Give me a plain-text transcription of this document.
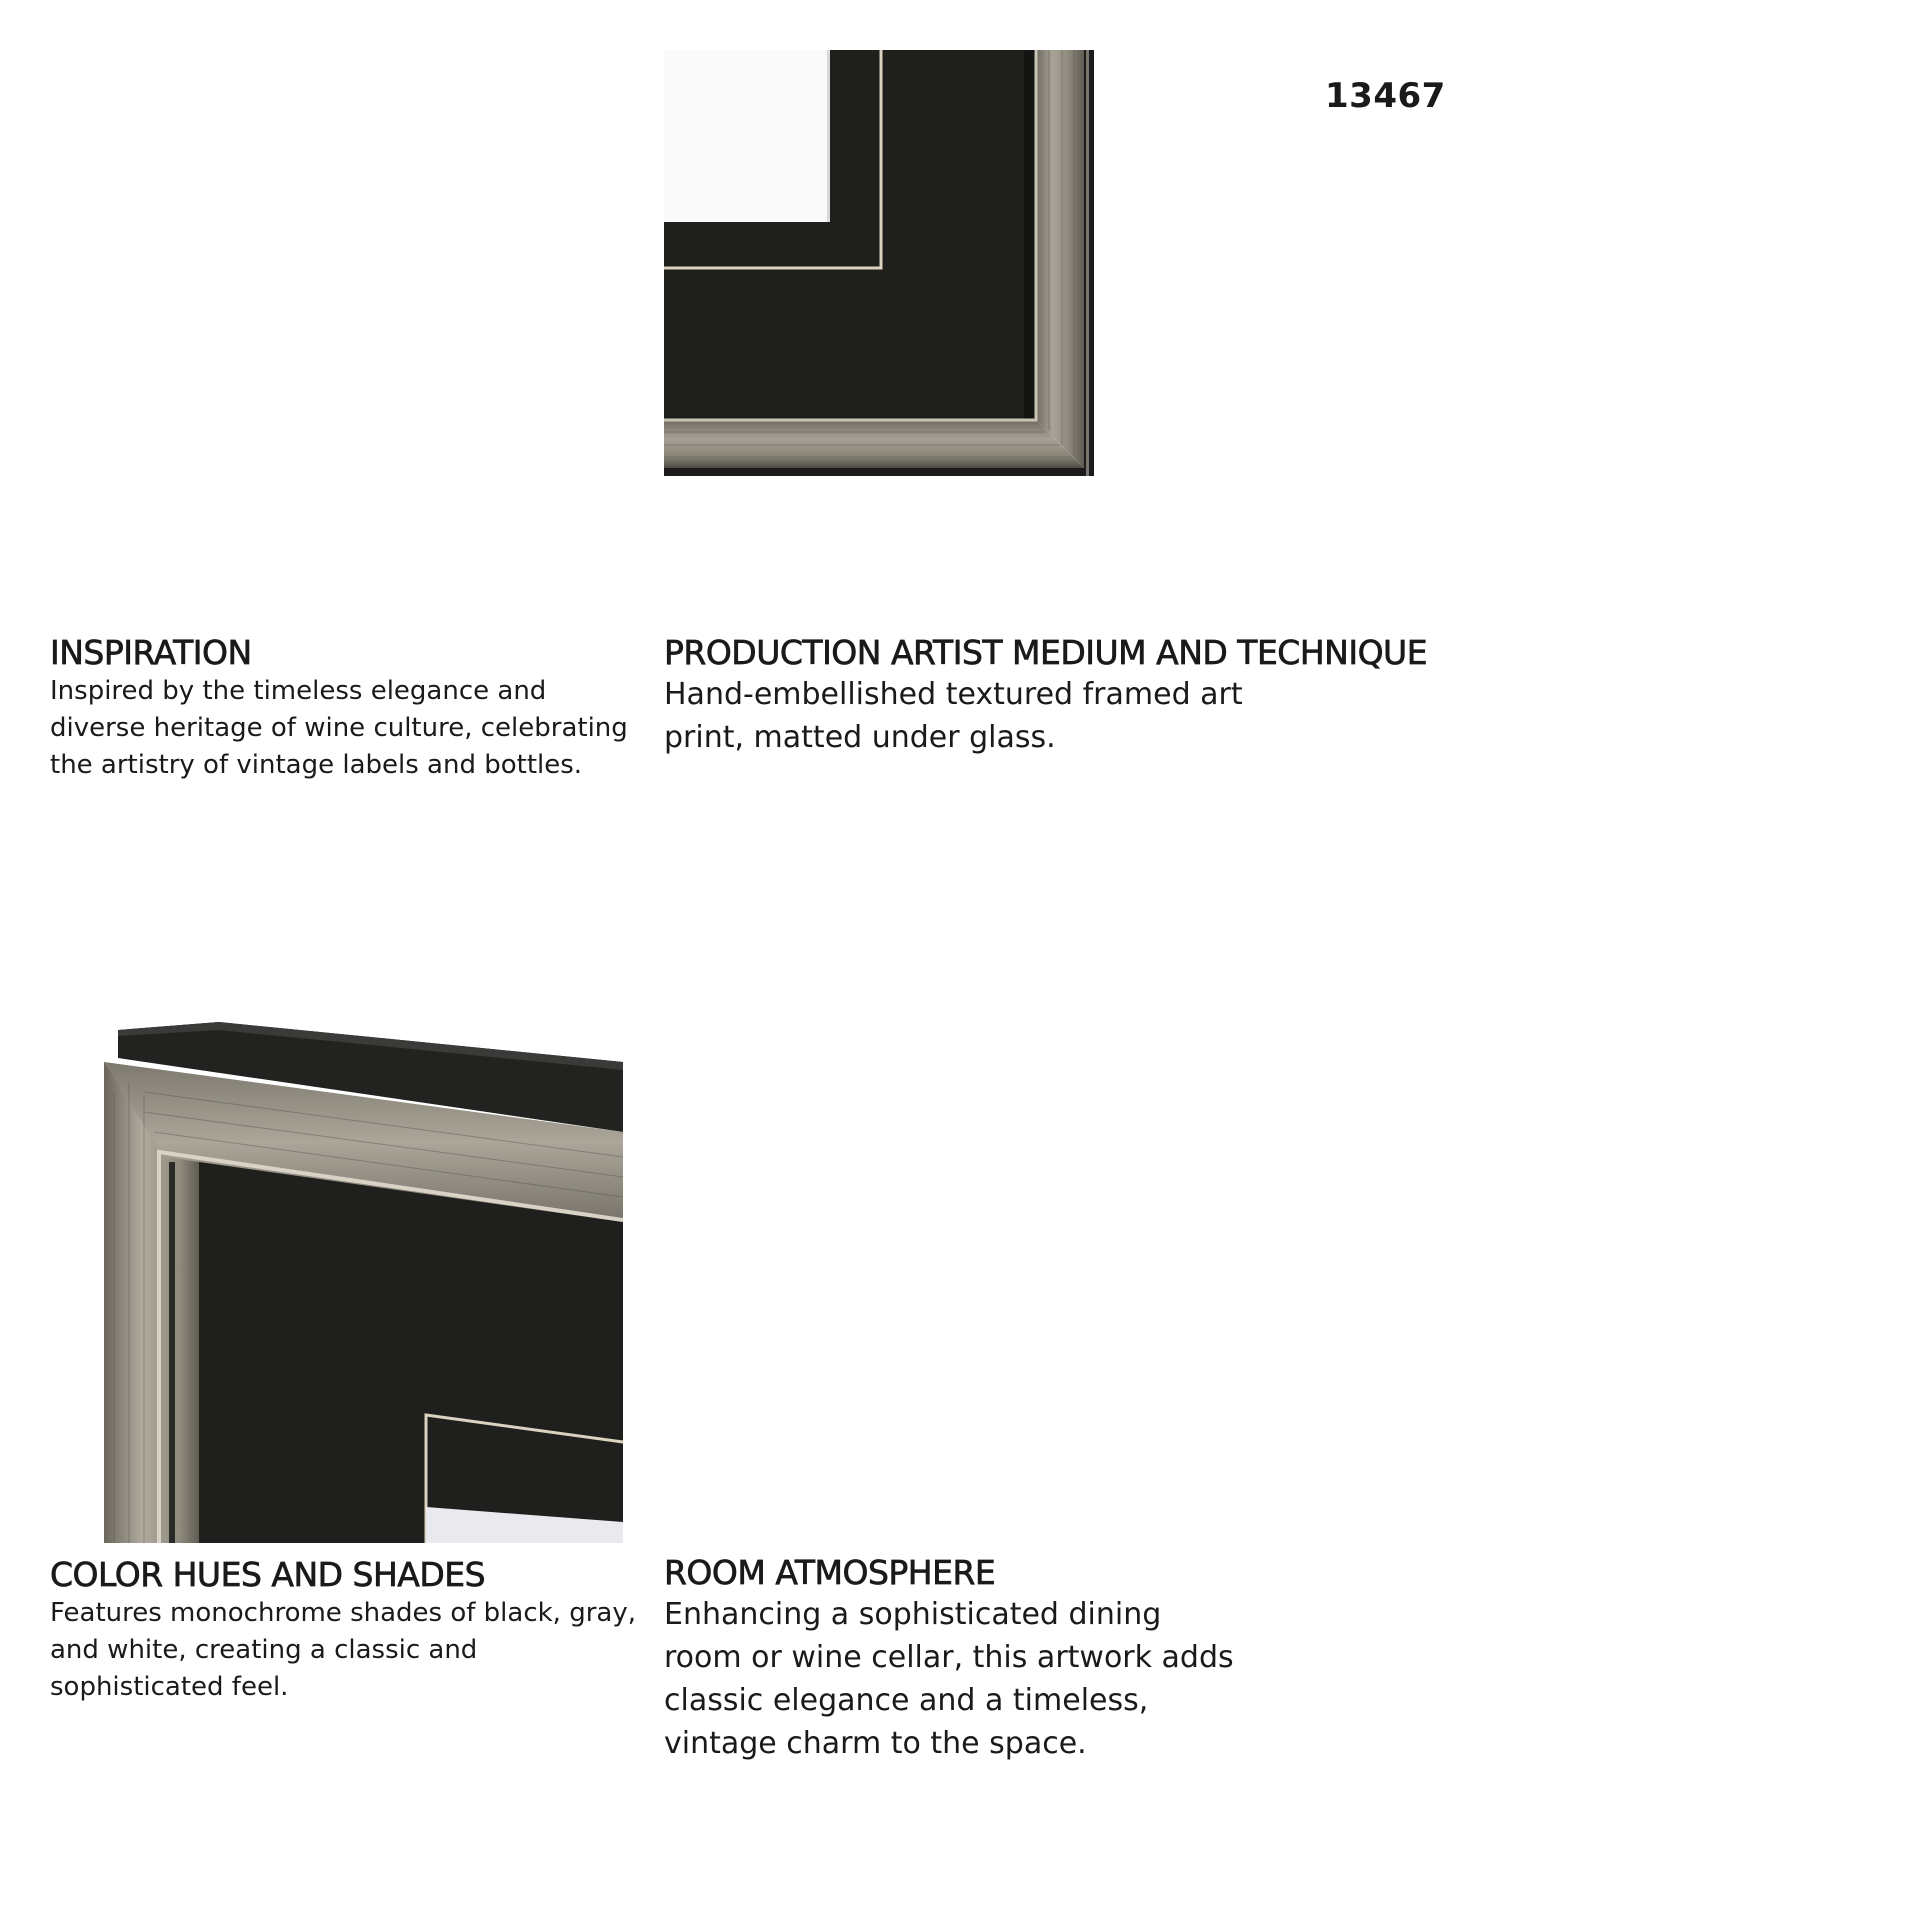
13467
INSPIRATION

Inspired by the timeless elegance and diverse heritage of wine culture, celebrating the artistry of vintage labels and bottles.

PRODUCTION ARTIST MEDIUM AND TECHNIQUE

Hand-embellished textured framed art print, matted under glass.

COLOR HUES AND SHADES

Features monochrome shades of black, gray, and white, creating a classic and sophisticated feel.

ROOM ATMOSPHERE

Enhancing a sophisticated dining room or wine cellar, this artwork adds classic elegance and a timeless, vintage charm to the space.
